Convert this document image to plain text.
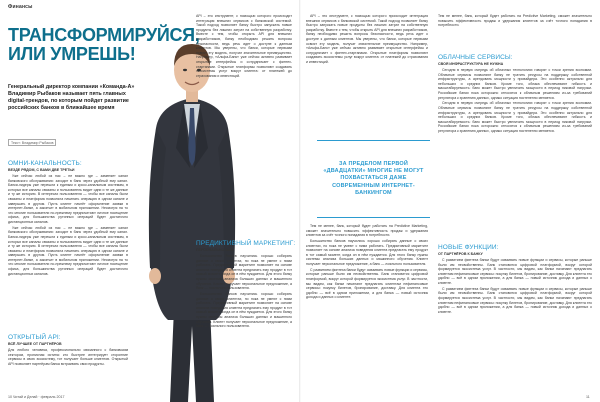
Финансы
ТРАНСФОРМИРУЙСЯ,
ИЛИ УМРЕШЬ!
Генеральный директор компании «Команда-А» Владимир Рыбаков называет пять главных digital-трендов, по которым пойдет развитие российских банков в ближайшее время
Текст: Владимир Рыбаков
ОМНИ-КАНАЛЬНОСТЬ:
ВЕЗДЕ РЯДОМ, С ВАМИ ДВЕ ТРЕТЬИ

Уже сейчас любой из нас – не важно где – заменяет канал банковского обслуживания: заходит в банк через удобный ему канал. Банки-лидеры уже перешли к единым и кросс-канальным системам, в которых все каналы связаны и пользователь видит одни и те же данные и ту же историю. В интересах пользователя — чтобы все каналы были связаны и платформа позволяла начинать операцию в одном канале и завершать в другом. Пусть клиент начнёт оформление заявки в интернет-банке, а закончит в мобильном приложении. Несмотря на то что многие пользователи по-прежнему предпочитают личное посещение офиса, для большинства рутинных операций будет достаточно дистанционных каналов.

Уже сейчас любой из нас – не важно где – заменяет канал банковского обслуживания: заходит в банк через удобный ему канал. Банки-лидеры уже перешли к единым и кросс-канальным системам, в которых все каналы связаны и пользователь видит одни и те же данные и ту же историю. В интересах пользователя — чтобы все каналы были связаны и платформа позволяла начинать операцию в одном канале и завершать в другом. Пусть клиент начнёт оформление заявки в интернет-банке, а закончит в мобильном приложении. Несмотря на то что многие пользователи по-прежнему предпочитают личное посещение офиса, для большинства рутинных операций будет достаточно дистанционных каналов.

ОТКРЫТЫЙ API:
ВСЁ ЛУЧШЕЕ ОТ ПАРТНЁРОВ
Для любого человека, профессионально связанного с банковским сектором, прописная истина: кто быстрее интегрирует сторонние сервисы в свою экосистему, тот получает больше клиентов. Открытый API позволяет партнёрам банка встраивать свои продукты.
10 Читай и Делай · февраль 2017
API – это инструмент, с помощью которого происходит интеграция внешних сервисов с банковской системой. Такой подход позволяет банку быстро запускать новые продукты без лишних затрат на собственную разработку. Вместе с тем, чтобы открыть API для внешних разработчиков, банку необходимо решить вопросы безопасности, ведь речь идет о доступе к данным клиентов. Мы уверены, что банки, которые первыми освоят эту модель, получат значительное преимущество. Например, «Альфа-Банк» уже сейчас активно развивает открытые интерфейсы и сотрудничает с финтех-стартапами. Открытые платформы позволяют создавать экосистемы услуг вокруг клиента: от платежей до страхования и инвестиций.
ПРЕДИКТИВНЫЙ МАРКЕТИНГ:
ПЕРСОНАЛЬНО ВАМ

Большинство банков научились хорошо собирать данные о своих клиентах, но пока не умеют с ними работать. Предиктивный маркетинг позволяет на основе анализа поведения клиента предлагать ему продукт в тот самый момент, когда он в нём нуждается. Для этого банку нужны системы анализа больших данных и машинного обучения. Клиент получает персональное предложение, а банк — лояльного пользователя.

Большинство банков научились хорошо собирать данные о своих клиентах, но пока не умеют с ними работать. Предиктивный маркетинг позволяет на основе анализа поведения клиента предлагать ему продукт в тот самый момент, когда он в нём нуждается. Для этого банку нужны системы анализа больших данных и машинного обучения. Клиент получает персональное предложение, а банк — лояльного пользователя.

API – это инструмент, с помощью которого происходит интеграция внешних сервисов с банковской системой. Такой подход позволяет банку быстро запускать новые продукты без лишних затрат на собственную разработку. Вместе с тем, чтобы открыть API для внешних разработчиков, банку необходимо решить вопросы безопасности, ведь речь идет о доступе к данным клиентов. Мы уверены, что банки, которые первыми освоят эту модель, получат значительное преимущество. Например, «Альфа-Банк» уже сейчас активно развивает открытые интерфейсы и сотрудничает с финтех-стартапами. Открытые платформы позволяют создавать экосистемы услуг вокруг клиента: от платежей до страхования и инвестиций.

ЗА ПРЕДЕЛОМ ПЕРВОЙ «ДВАДЦАТКИ» МНОГИЕ НЕ МОГУТ ПОХВАСТАТЬСЯ ДАЖЕ СОВРЕМЕННЫМ ИНТЕРНЕТ-БАНКИНГОМ

Тем не менее, банк, который будет работать на Predictive Marketing, сможет значительно повысить эффективность продаж и удержания клиентов за счёт точного попадания в потребности.

Большинство банков научились хорошо собирать данные о своих клиентах, но пока не умеют с ними работать. Предиктивный маркетинг позволяет на основе анализа поведения клиента предлагать ему продукт в тот самый момент, когда он в нём нуждается. Для этого банку нужны системы анализа больших данных и машинного обучения. Клиент получает персональное предложение, а банк — лояльного пользователя.

С развитием финтеха банки будут осваивать новые функции и сервисы, которые раньше были им несвойственны. Банк становится цифровой платформой, вокруг которой формируется экосистема услуг. В частности, мы видим, как банки начинают предлагать клиентам нефинансовые сервисы: покупку билетов, бронирование, доставку. Для клиента это удобно — всё в одном приложении, а для банка — новый источник дохода и данных о клиенте.

Тем не менее, банк, который будет работать на Predictive Marketing, сможет значительно повысить эффективность продаж и удержания клиентов за счёт точного попадания в потребности.
ОБЛАЧНЫЕ СЕРВИСЫ:
СВОЯ ИНФРАСТРУКТУРА НЕ НУЖНА

Сегодня в первую очередь об облачных технологиях говорят с точки зрения экономии. Облачные сервисы позволяют банку не тратить ресурсы на поддержку собственной инфраструктуры, а арендовать мощности у провайдера. Это особенно актуально для небольших и средних банков. Кроме того, облака обеспечивают гибкость и масштабируемость: банк может быстро увеличить мощности в период пиковой нагрузки. Российские банки пока осторожно относятся к облачным решениям из-за требований регулятора к хранению данных, однако ситуация постепенно меняется.

Сегодня в первую очередь об облачных технологиях говорят с точки зрения экономии. Облачные сервисы позволяют банку не тратить ресурсы на поддержку собственной инфраструктуры, а арендовать мощности у провайдера. Это особенно актуально для небольших и средних банков. Кроме того, облака обеспечивают гибкость и масштабируемость: банк может быстро увеличить мощности в период пиковой нагрузки. Российские банки пока осторожно относятся к облачным решениям из-за требований регулятора к хранению данных, однако ситуация постепенно меняется.

НОВЫЕ ФУНКЦИИ:
ОТ ПАРТНЁРОВ К БАНКУ

С развитием финтеха банки будут осваивать новые функции и сервисы, которые раньше были им несвойственны. Банк становится цифровой платформой, вокруг которой формируется экосистема услуг. В частности, мы видим, как банки начинают предлагать клиентам нефинансовые сервисы: покупку билетов, бронирование, доставку. Для клиента это удобно — всё в одном приложении, а для банка — новый источник дохода и данных о клиенте.

С развитием финтеха банки будут осваивать новые функции и сервисы, которые раньше были им несвойственны. Банк становится цифровой платформой, вокруг которой формируется экосистема услуг. В частности, мы видим, как банки начинают предлагать клиентам нефинансовые сервисы: покупку билетов, бронирование, доставку. Для клиента это удобно — всё в одном приложении, а для банка — новый источник дохода и данных о клиенте.

11
